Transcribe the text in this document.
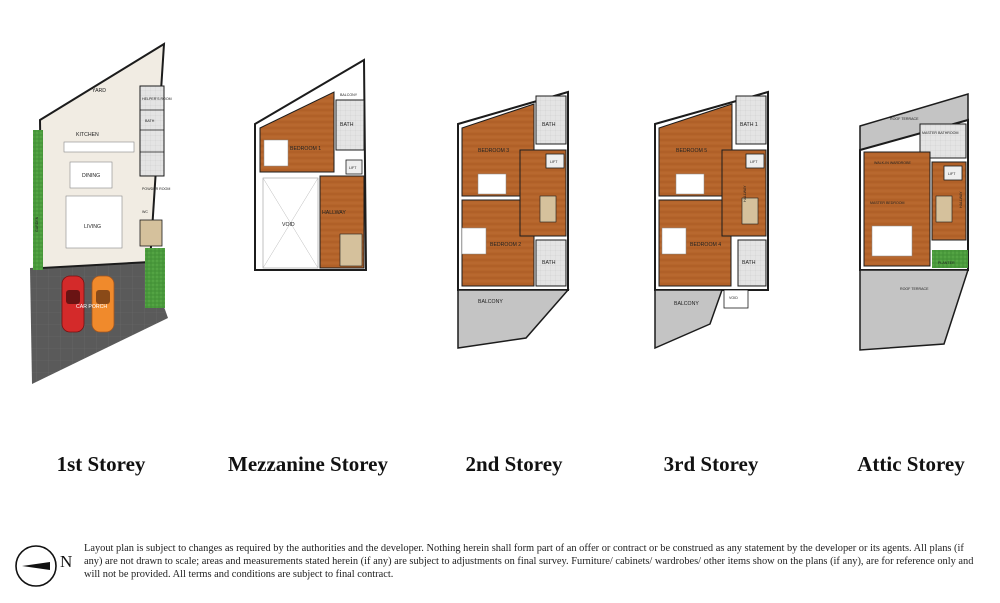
YARD
HELPER'S ROOM
BATH
KITCHEN
DINING
POWDER ROOM
LIVING
WC
GARDEN
CAR PORCH
BALCONY
BATH
BEDROOM 1
LIFT
VOID
HALLWAY
BATH
BEDROOM 3
LIFT
BEDROOM 2
BATH
BALCONY
BATH 1
BEDROOM 5
LIFT
HALLWAY
BEDROOM 4
BATH
BALCONY
VOID
ROOF TERRACE
MASTER BATHROOM
WALK-IN WARDROBE
MASTER BEDROOM
LIFT
HALLWAY
PLANTER
ROOF TERRACE
1st Storey	Mezzanine Storey	2nd Storey	3rd Storey	Attic Storey
N
Layout plan is subject to changes as required by the authorities and the developer. Nothing herein shall form part of an offer or contract or be construed as any statement by the developer or its agents. All plans (if any) are not drawn to scale; areas and measurements stated herein (if any) are subject to adjustments on final survey. Furniture/ cabinets/ wardrobes/ other items show on the plans (if any), are for reference only and will not be provided. All terms and conditions are subject to final contract.
